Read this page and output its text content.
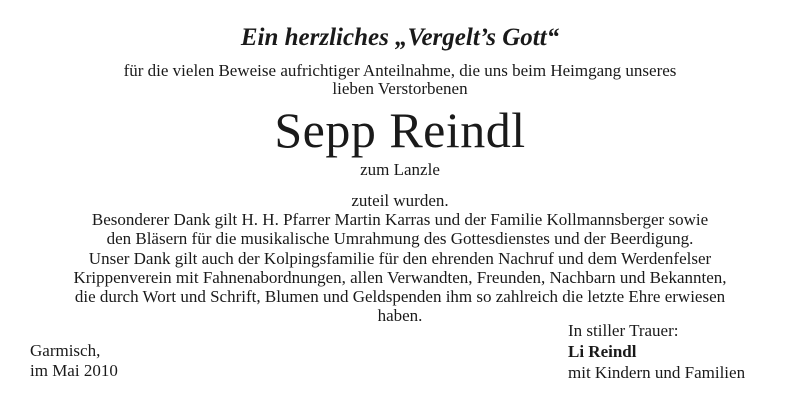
Ein herzliches „Vergelt’s Gott“
für die vielen Beweise aufrichtiger Anteilnahme, die uns beim Heimgang unseres
lieben Verstorbenen
Sepp Reindl
zum Lanzle
zuteil wurden.
Besonderer Dank gilt H. H. Pfarrer Martin Karras und der Familie Kollmannsberger sowie
den Bläsern für die musikalische Umrahmung des Gottesdienstes und der Beerdigung.
Unser Dank gilt auch der Kolpingsfamilie für den ehrenden Nachruf und dem Werdenfelser
Krippenverein mit Fahnenabordnungen, allen Verwandten, Freunden, Nachbarn und Bekannten,
die durch Wort und Schrift, Blumen und Geldspenden ihm so zahlreich die letzte Ehre erwiesen
haben.
Garmisch,
im Mai 2010
In stiller Trauer:
Li Reindl
mit Kindern und Familien
